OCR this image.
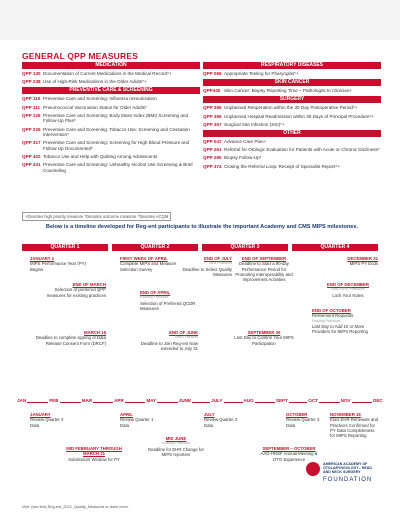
GENERAL QPP MEASURES
MEDICATION
QPP 130 Documentation of Current Medications in the Medical Record*+
QPP 238 Use of High-Risk Medications in the Older Adults*+
PREVENTIVE CARE & SCREENING
QPP 110 Preventive Care and Screening: Influenza Immunization
QPP 111 Pneumococcal Vaccination Status for Older Adults*
QPP 128 Preventive Care and Screening: Body Mass Index (BMI) Screening and Follow-Up Plan*
QPP 226 Preventive Care and Screening: Tobacco Use: Screening and Cessation Intervention*
QPP 317 Preventive Care and Screening: Screening for High Blood Pressure and Follow-Up Documented*
QPP 402 Tobacco Use and Help with Quitting Among Adolescents
QPP 431 Preventive Care and Screening: Unhealthy Alcohol Use Screening & Brief Counseling
RESPIRATORY DISEASES
QPP 066 Appropriate Testing for Pharyngitis*+
SKIN CANCER
QPP440 Skin Cancer: Biopsy Reporting Time – Pathologist to Clinician+
SURGERY
QPP 355 Unplanned Reoperation within the 30 Day Postoperative Period*+
QPP 356 Unplanned Hospital Readmission within 30 Days of Principal Procedure*+
QPP 357 Surgical Site Infection (SSI)*+
OTHER
QPP 047 Advance Care Plan+
QPP 261 Referral for Otologic Evaluation for Patients with Acute or Chronic Dizziness*
QPP 265 Biopsy Follow-Up*
QPP 374 Closing the Referral Loop: Receipt of Specialist Report*+
+Denotes high priority measure *Denotes outcome measure ^Denotes eCQM
Below is a timeline developed for Reg-ent participants to illustrate the important Academy and CMS MIPS milestones.
QUARTER 1	QUARTER 2	QUARTER 3	QUARTER 4
JANUARY 1
MIPS Performance Year (PY) Begins
END OF MARCH
Selection of preferred QPP measures for existing practices
MARCH 15
Deadline to complete signing of Data Release Consent Form (DRCF)
FIRST WEEK OF APRIL
Complete MIPS and Measure Selection Survey
END OF APRIL
Existing Practices
Selection of Preferred QCDR Measures
END OF JUNE
New Practices
Deadline to Join Reg-ent Now extended to July 31
END OF JULY
New Practices
Deadline to Select Quality Measures
END OF SEPTEMBER
Deadline to Start a 90-day Performance Period for Promoting Interoperability and Improvement Activities
SEPTEMBER 30
Last Day to Confirm Your MIPS Participation
DECEMBER 31
MIPS PY Ends
END OF DECEMBER
Non-PDSF Practices
Lock Your Notes
END OF OCTOBER
Refinement Requests
Existing Practices
Last Day to Add 10 or More Providers for MIPS Reporting
JAN	FEB	MAR	APR	MAY	JUNE	JULY	AUG	SEPT	OCT	NOV	DEC
JANUARY
Review Quarter 4 Data
MID FEBRUARY THROUGH MARCH 31
Submission Window for PY
APRIL
Review Quarter 1 Data
MID JUNE
Existing Practices
Deadline for EHR Change for MIPS reporters
JULY
Review Quarter 2 Data
SEPTEMBER – OCTOBER
AAO-HNSF Annual Meeting & OTO Experience
OCTOBER
Review Quarter 3 Data
NOVEMBER 15
Elixir EHR Renewals and Practices Confirmed for PY Data Completeness for MIPS Reporting
AMERICAN ACADEMY OF OTOLARYNGOLOGY– HEAD AND NECK SURGERY
FOUNDATION
Visit: (see link) Reg-ent_2022_Quality_Measures to learn more.
